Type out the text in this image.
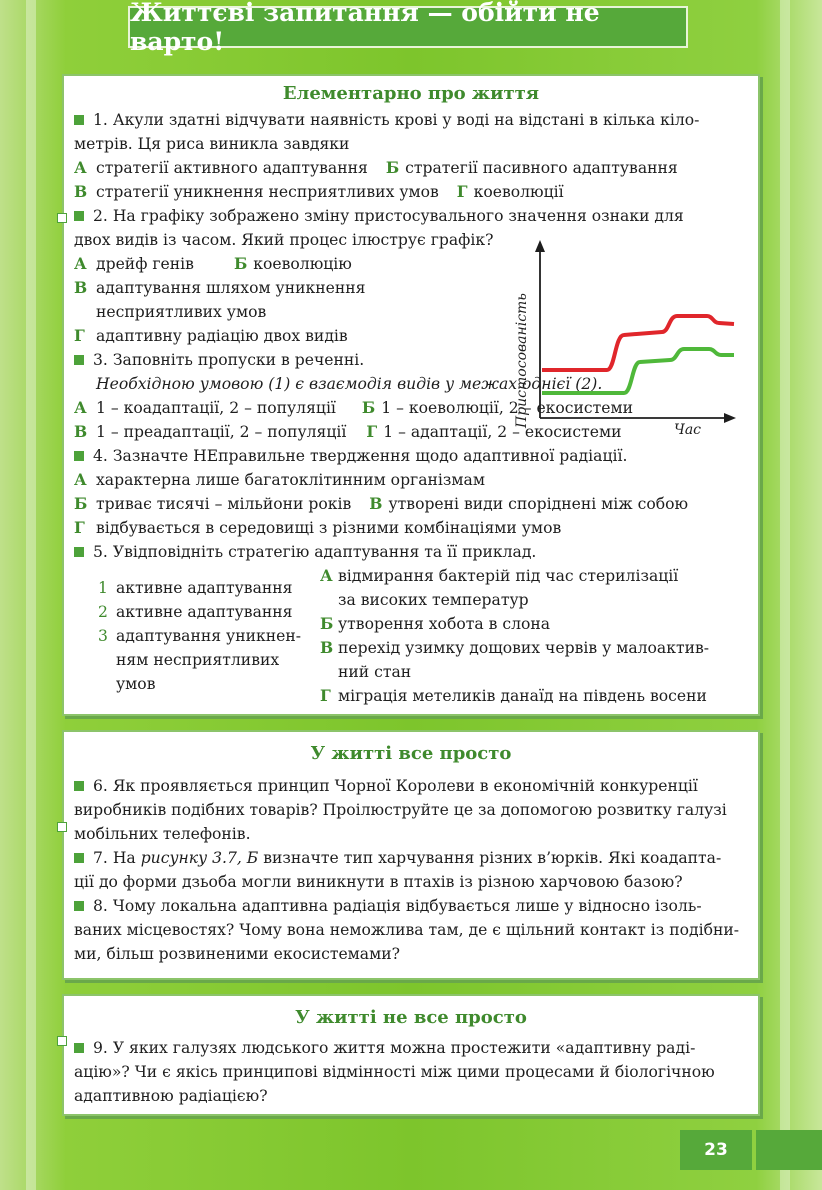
Життєві запитання — обійти не варто!
Елементарно про життя
1. Акули здатні відчувати наявність крові у воді на відстані в кілька кіло-
метрів. Ця риса виникла завдяки
А стратегії активного адаптування Б стратегії пасивного адаптування
В стратегії уникнення несприятливих умов Г коеволюції
2. На графіку зображено зміну пристосувального значення ознаки для
двох видів із часом. Який процес ілюструє графік?
А дрейф генів	Б коеволюцію
В адаптування шляхом уникнення
несприятливих умов
Г адаптивну радіацію двох видів	Пристосованість
Час
3. Заповніть пропуски в реченні.
Необхідною умовою (1) є взаємодія видів у межах однієї (2).
А 1 – коадаптації, 2 – популяції Б 1 – коеволюції, 2 – екосистеми
В 1 – преадаптації, 2 – популяції Г 1 – адаптації, 2 – екосистеми
4. Зазначте НЕправильне твердження щодо адаптивної радіації.
А характерна лише багатоклітинним організмам
Б триває тисячі – мільйони років В утворені види споріднені між собою
Г відбувається в середовищі з різними комбінаціями умов
5. Увідповідніть стратегію адаптування та її приклад.
1 активне адаптування
2 активне адаптування
3 адаптування уникнен-
ням несприятливих
умов
А відмирання бактерій під час стерилізації
за високих температур
Б утворення хобота в слона
В перехід узимку дощових червів у малоактив-
ний стан
Г міграція метеликів данаїд на південь восени
У житті все просто
6. Як проявляється принцип Чорної Королеви в економічній конкуренції
виробників подібних товарів? Проілюструйте це за допомогою розвитку галузі
мобільних телефонів.
7. На рисунку 3.7, Б визначте тип харчування різних в’юрків. Які коадапта-
ції до форми дзьоба могли виникнути в птахів із різною харчовою базою?
8. Чому локальна адаптивна радіація відбувається лише у відносно ізоль-
ваних місцевостях? Чому вона неможлива там, де є щільний контакт із подібни-
ми, більш розвиненими екосистемами?
У житті не все просто
9. У яких галузях людського життя можна простежити «адаптивну раді-
ацію»? Чи є якісь принципові відмінності між цими процесами й біологічною
адаптивною радіацією?
23
